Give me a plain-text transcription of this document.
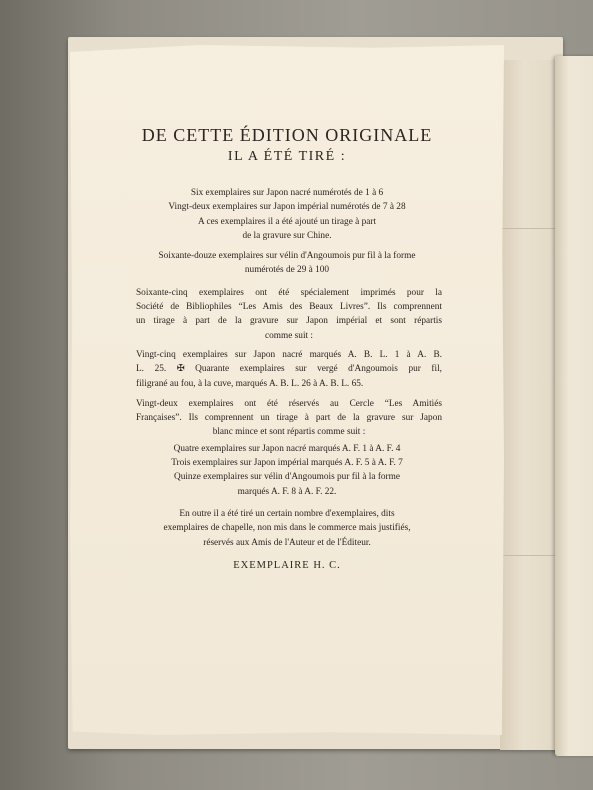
DE CETTE ÉDITION ORIGINALE

IL A ÉTÉ TIRÉ :

Six exemplaires sur Japon nacré numérotés de 1 à 6
Vingt-deux exemplaires sur Japon impérial numérotés de 7 à 28
A ces exemplaires il a été ajouté un tirage à part
de la gravure sur Chine.
Soixante-douze exemplaires sur vélin d'Angoumois pur fil à la forme
numérotés de 29 à 100
Soixante-cinq exemplaires ont été spécialement imprimés pour la
Société de Bibliophiles “Les Amis des Beaux Livres”. Ils comprennent
un tirage à part de la gravure sur Japon impérial et sont répartis
comme suit :
Vingt-cinq exemplaires sur Japon nacré marqués A. B. L. 1 à A. B.
L. 25. ✠ Quarante exemplaires sur vergé d'Angoumois pur fil,
filigrané au fou, à la cuve, marqués A. B. L. 26 à A. B. L. 65.
Vingt-deux exemplaires ont été réservés au Cercle “Les Amitiés
Françaises”. Ils comprennent un tirage à part de la gravure sur Japon
blanc mince et sont répartis comme suit :
Quatre exemplaires sur Japon nacré marqués A. F. 1 à A. F. 4
Trois exemplaires sur Japon impérial marqués A. F. 5 à A. F. 7
Quinze exemplaires sur vélin d'Angoumois pur fil à la forme
marqués A. F. 8 à A. F. 22.
En outre il a été tiré un certain nombre d'exemplaires, dits
exemplaires de chapelle, non mis dans le commerce mais justifiés,
réservés aux Amis de l'Auteur et de l'Éditeur.

EXEMPLAIRE H. C.
